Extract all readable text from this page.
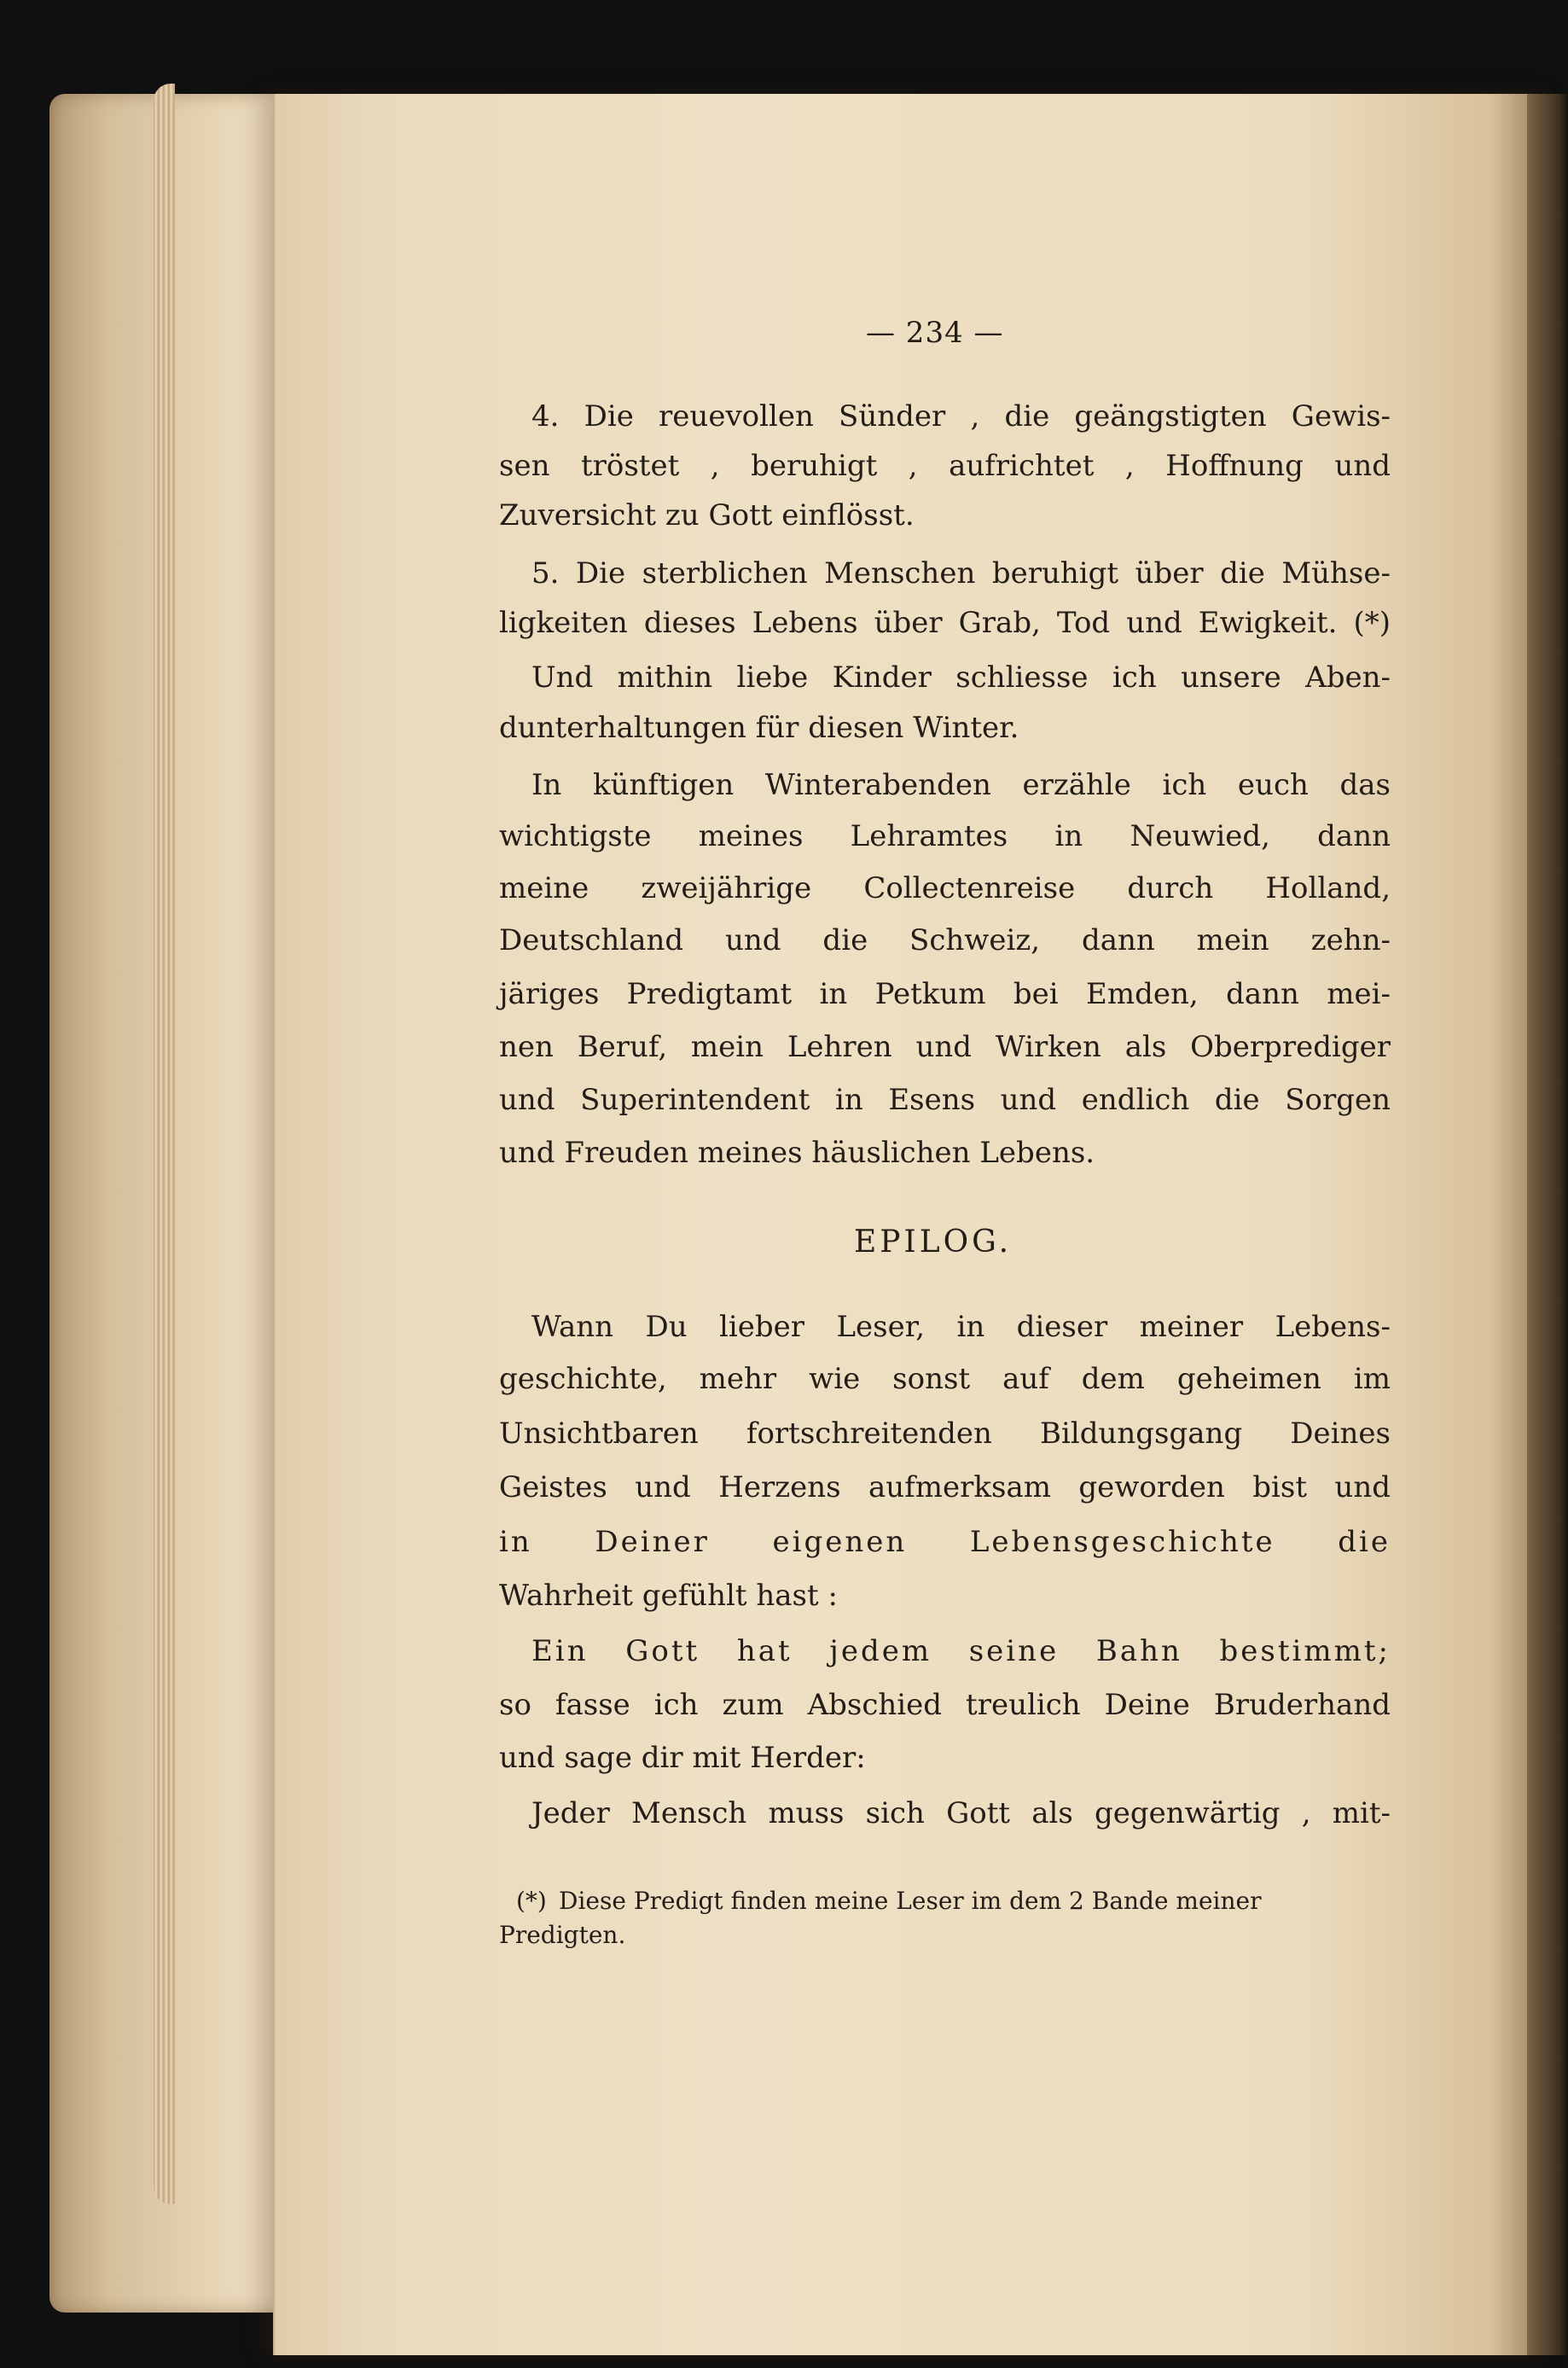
— 234 —
4. Die reuevollen Sünder , die geängstigten Gewis-
sen tröstet , beruhigt , aufrichtet , Hoffnung und
Zuversicht zu Gott einflösst.
5. Die sterblichen Menschen beruhigt über die Mühse-
ligkeiten dieses Lebens über Grab, Tod und Ewigkeit. (*)
Und mithin liebe Kinder schliesse ich unsere Aben-
dunterhaltungen für diesen Winter.
In künftigen Winterabenden erzähle ich euch das
wichtigste meines Lehramtes in Neuwied, dann
meine zweijährige Collectenreise durch Holland,
Deutschland und die Schweiz, dann mein zehn-
järiges Predigtamt in Petkum bei Emden, dann mei-
nen Beruf, mein Lehren und Wirken als Oberprediger
und Superintendent in Esens und endlich die Sorgen
und Freuden meines häuslichen Lebens.
EPILOG.
Wann Du lieber Leser, in dieser meiner Lebens-
geschichte, mehr wie sonst auf dem geheimen im
Unsichtbaren fortschreitenden Bildungsgang Deines
Geistes und Herzens aufmerksam geworden bist und
in Deiner eigenen Lebensgeschichte die
Wahrheit gefühlt hast :
Ein Gott hat jedem seine Bahn bestimmt;
so fasse ich zum Abschied treulich Deine Bruderhand
und sage dir mit Herder:
Jeder Mensch muss sich Gott als gegenwärtig , mit-
(*) Diese Predigt finden meine Leser im dem 2 Bande meiner
Predigten.
